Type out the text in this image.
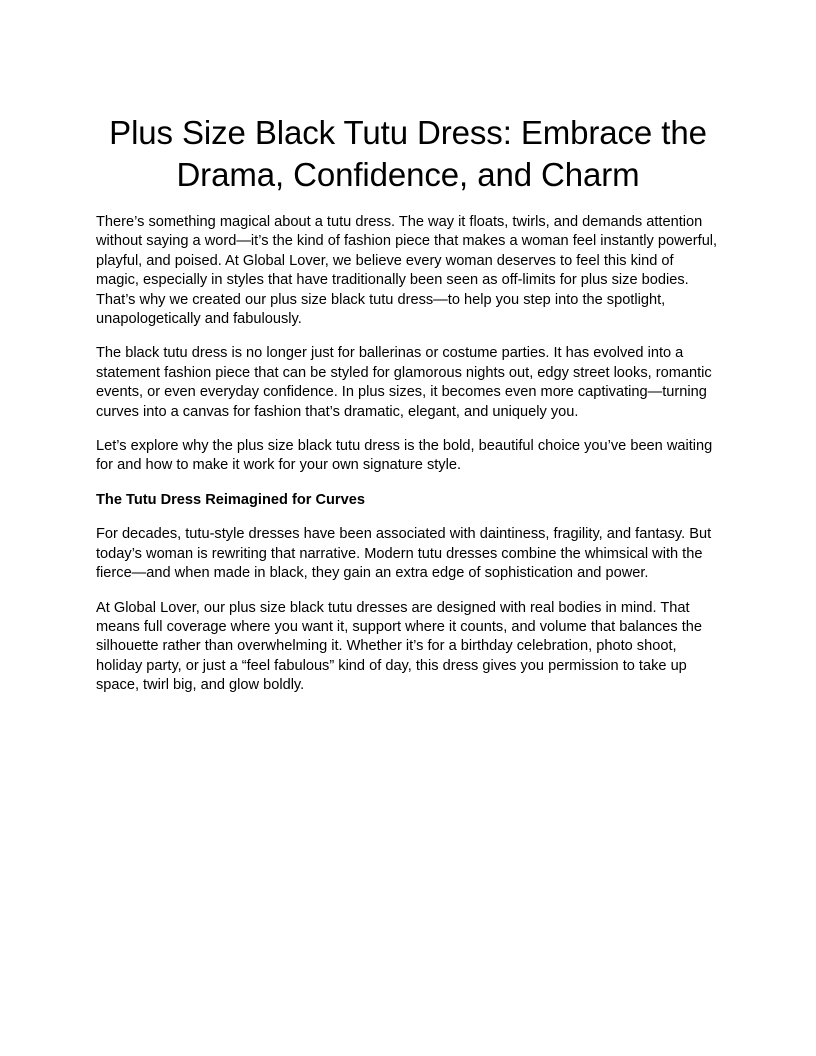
Plus Size Black Tutu Dress: Embrace the Drama, Confidence, and Charm

There’s something magical about a tutu dress. The way it floats, twirls, and demands attention without saying a word—it’s the kind of fashion piece that makes a woman feel instantly powerful, playful, and poised. At Global Lover, we believe every woman deserves to feel this kind of magic, especially in styles that have traditionally been seen as off-limits for plus size bodies. That’s why we created our plus size black tutu dress—to help you step into the spotlight, unapologetically and fabulously.

The black tutu dress is no longer just for ballerinas or costume parties. It has evolved into a statement fashion piece that can be styled for glamorous nights out, edgy street looks, romantic events, or even everyday confidence. In plus sizes, it becomes even more captivating—turning curves into a canvas for fashion that’s dramatic, elegant, and uniquely you.

Let’s explore why the plus size black tutu dress is the bold, beautiful choice you’ve been waiting for and how to make it work for your own signature style.

The Tutu Dress Reimagined for Curves

For decades, tutu-style dresses have been associated with daintiness, fragility, and fantasy. But today’s woman is rewriting that narrative. Modern tutu dresses combine the whimsical with the fierce—and when made in black, they gain an extra edge of sophistication and power.

At Global Lover, our plus size black tutu dresses are designed with real bodies in mind. That means full coverage where you want it, support where it counts, and volume that balances the silhouette rather than overwhelming it. Whether it’s for a birthday celebration, photo shoot, holiday party, or just a “feel fabulous” kind of day, this dress gives you permission to take up space, twirl big, and glow boldly.
